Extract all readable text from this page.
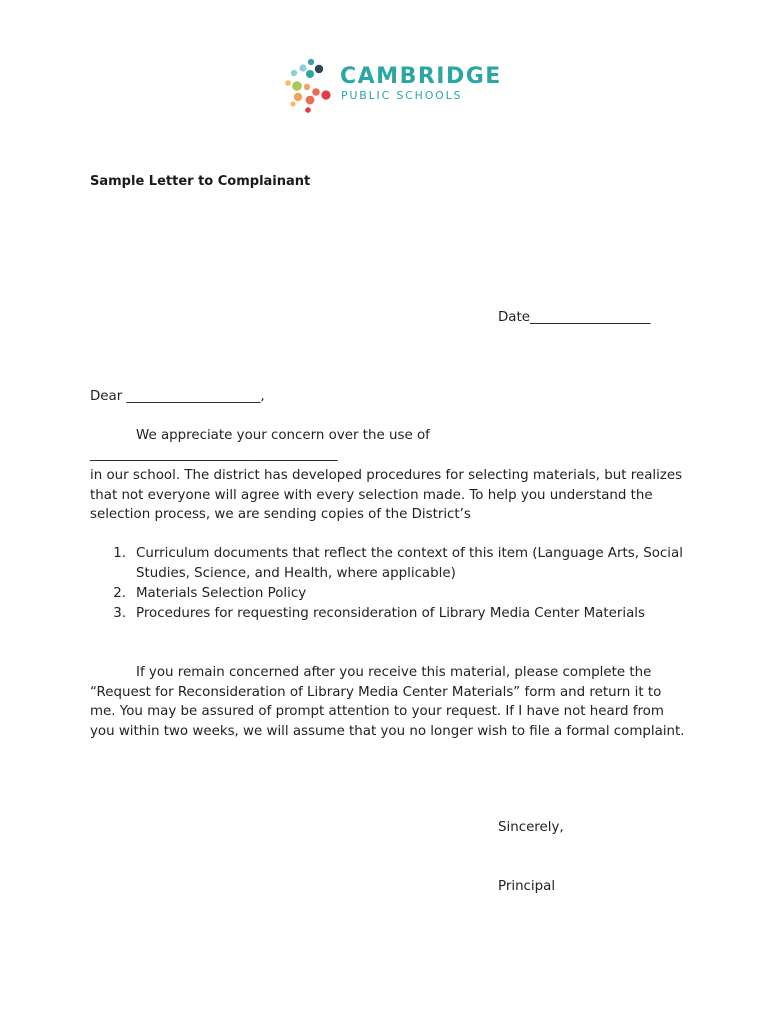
CAMBRIDGE
PUBLIC SCHOOLS
Sample Letter to Complainant
Date__________________
Dear ____________________,
We appreciate your concern over the use of
_____________________________________
in our school. The district has developed procedures for selecting materials, but realizes that not everyone will agree with every selection made. To help you understand the selection process, we are sending copies of the District’s
1. Curriculum documents that reflect the context of this item (Language Arts, Social Studies, Science, and Health, where applicable)
2. Materials Selection Policy
3. Procedures for requesting reconsideration of Library Media Center Materials
If you remain concerned after you receive this material, please complete the “Request for Reconsideration of Library Media Center Materials” form and return it to me. You may be assured of prompt attention to your request. If I have not heard from you within two weeks, we will assume that you no longer wish to file a formal complaint.
Sincerely,
Principal
